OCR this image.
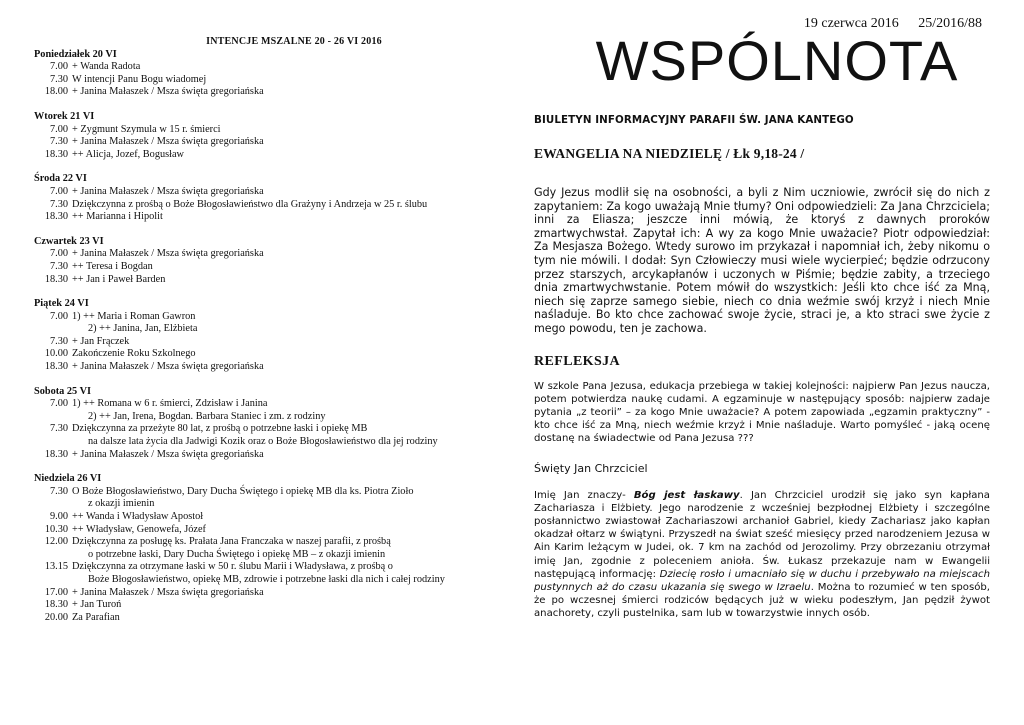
INTENCJE MSZALNE 20 - 26 VI 2016
Poniedziałek 20 VI
7.00 + Wanda Radota
7.30 W intencji Panu Bogu wiadomej
18.00 + Janina Małaszek / Msza święta gregoriańska
Wtorek 21 VI
7.00 + Zygmunt Szymula w 15 r. śmierci
7.30 + Janina Małaszek / Msza święta gregoriańska
18.30 ++ Alicja, Jozef, Bogusław
Środa 22 VI
7.00 + Janina Małaszek / Msza święta gregoriańska
7.30 Dziękczynna z prośbą o Boże Błogosławieństwo dla Grażyny i Andrzeja w 25 r. ślubu
18.30 ++ Marianna i Hipolit
Czwartek 23 VI
7.00 + Janina Małaszek / Msza święta gregoriańska
7.30 ++ Teresa i Bogdan
18.30 ++ Jan i Paweł Barden
Piątek 24 VI
7.00 1) ++ Maria i Roman Gawron
2) ++ Janina, Jan, Elżbieta
7.30 + Jan Frączek
10.00 Zakończenie Roku Szkolnego
18.30 + Janina Małaszek / Msza święta gregoriańska
Sobota 25 VI
7.00 1) ++ Romana w 6 r. śmierci, Zdzisław i Janina
2) ++ Jan, Irena, Bogdan. Barbara Staniec i zm. z rodziny
7.30 Dziękczynna za przeżyte 80 lat, z prośbą o potrzebne łaski i opiekę MB
na dalsze lata życia dla Jadwigi Kozik oraz o Boże Błogosławieństwo dla jej rodziny
18.30 + Janina Małaszek / Msza święta gregoriańska
Niedziela 26 VI
7.30 O Boże Błogosławieństwo, Dary Ducha Świętego i opiekę MB dla ks. Piotra Zioło
z okazji imienin
9.00 ++ Wanda i Władysław Apostoł
10.30 ++ Władysław, Genowefa, Józef
12.00 Dziękczynna za posługę ks. Prałata Jana Franczaka w naszej parafii, z prośbą
o potrzebne łaski, Dary Ducha Świętego i opiekę MB – z okazji imienin
13.15 Dziękczynna za otrzymane łaski w 50 r. ślubu Marii i Władysława, z prośbą o
Boże Błogosławieństwo, opiekę MB, zdrowie i potrzebne łaski dla nich i całej rodziny
17.00 + Janina Małaszek / Msza święta gregoriańska
18.30 + Jan Turoń
20.00 Za Parafian
19 czerwca 2016 25/2016/88
WSPÓLNOTA
BIULETYN INFORMACYJNY PARAFII ŚW. JANA KANTEGO
EWANGELIA NA NIEDZIELĘ / Łk 9,18-24 /
Gdy Jezus modlił się na osobności, a byli z Nim uczniowie, zwrócił się do nich z zapytaniem: Za kogo uważają Mnie tłumy? Oni odpowiedzieli: Za Jana Chrzciciela; inni za Eliasza; jeszcze inni mówią, że ktoryś z dawnych proroków zmartwychwstał. Zapytał ich: A wy za kogo Mnie uważacie? Piotr odpowiedział: Za Mesjasza Bożego. Wtedy surowo im przykazał i napomniał ich, żeby nikomu o tym nie mówili. I dodał: Syn Człowieczy musi wiele wycierpieć; będzie odrzucony przez starszych, arcykapłanów i uczonych w Piśmie; będzie zabity, a trzeciego dnia zmartwychwstanie. Potem mówił do wszystkich: Jeśli kto chce iść za Mną, niech się zaprze samego siebie, niech co dnia weźmie swój krzyż i niech Mnie naśladuje. Bo kto chce zachować swoje życie, straci je, a kto straci swe życie z mego powodu, ten je zachowa.
REFLEKSJA
W szkole Pana Jezusa, edukacja przebiega w takiej kolejności: najpierw Pan Jezus naucza, potem potwierdza naukę cudami. A egzaminuje w następujący sposób: najpierw zadaje pytania „z teorii” – za kogo Mnie uważacie? A potem zapowiada „egzamin praktyczny” - kto chce iść za Mną, niech weźmie krzyż i Mnie naśladuje. Warto pomyśleć - jaką ocenę dostanę na świadectwie od Pana Jezusa ???
Święty Jan Chrzciciel
Imię Jan znaczy- Bóg jest łaskawy. Jan Chrzciciel urodził się jako syn kapłana Zachariasza i Elżbiety. Jego narodzenie z wcześniej bezpłodnej Elżbiety i szczególne posłannictwo zwiastował Zachariaszowi archanioł Gabriel, kiedy Zachariasz jako kapłan okadzał ołtarz w świątyni. Przyszedł na świat sześć miesięcy przed narodzeniem Jezusa w Ain Karim leżącym w Judei, ok. 7 km na zachód od Jerozolimy. Przy obrzezaniu otrzymał imię Jan, zgodnie z poleceniem anioła. Św. Łukasz przekazuje nam w Ewangelii następującą informację: Dziecię rosło i umacniało się w duchu i przebywało na miejscach pustynnych aż do czasu ukazania się swego w Izraelu. Można to rozumieć w ten sposób, że po wczesnej śmierci rodziców będących już w wieku podeszłym, Jan pędził żywot anachorety, czyli pustelnika, sam lub w towarzystwie innych osób.
